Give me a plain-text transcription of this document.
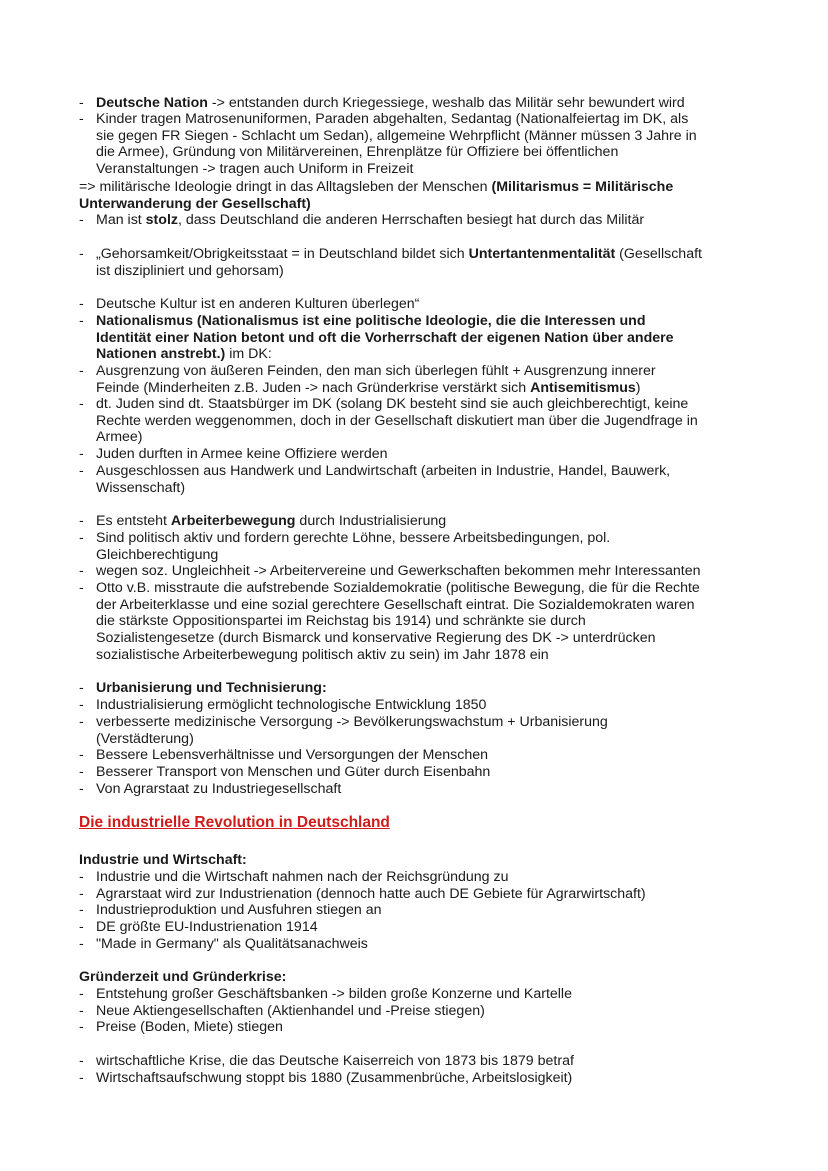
- Deutsche Nation -> entstanden durch Kriegessiege, weshalb das Militär sehr bewundert wird
- Kinder tragen Matrosenuniformen, Paraden abgehalten, Sedantag (Nationalfeiertag im DK, als
sie gegen FR Siegen - Schlacht um Sedan), allgemeine Wehrpflicht (Männer müssen 3 Jahre in
die Armee), Gründung von Militärvereinen, Ehrenplätze für Offiziere bei öffentlichen
Veranstaltungen -> tragen auch Uniform in Freizeit
=> militärische Ideologie dringt in das Alltagsleben der Menschen (Militarismus = Militärische
Unterwanderung der Gesellschaft)
- Man ist stolz, dass Deutschland die anderen Herrschaften besiegt hat durch das Militär
- „Gehorsamkeit/Obrigkeitsstaat = in Deutschland bildet sich Untertantenmentalität (Gesellschaft
ist diszipliniert und gehorsam)
- Deutsche Kultur ist en anderen Kulturen überlegen“
- Nationalismus (Nationalismus ist eine politische Ideologie, die die Interessen und
Identität einer Nation betont und oft die Vorherrschaft der eigenen Nation über andere
Nationen anstrebt.) im DK:
- Ausgrenzung von äußeren Feinden, den man sich überlegen fühlt + Ausgrenzung innerer
Feinde (Minderheiten z.B. Juden -> nach Gründerkrise verstärkt sich Antisemitismus)
- dt. Juden sind dt. Staatsbürger im DK (solang DK besteht sind sie auch gleichberechtigt, keine
Rechte werden weggenommen, doch in der Gesellschaft diskutiert man über die Jugendfrage in
Armee)
- Juden durften in Armee keine Offiziere werden
- Ausgeschlossen aus Handwerk und Landwirtschaft (arbeiten in Industrie, Handel, Bauwerk,
Wissenschaft)
- Es entsteht Arbeiterbewegung durch Industrialisierung
- Sind politisch aktiv und fordern gerechte Löhne, bessere Arbeitsbedingungen, pol.
Gleichberechtigung
- wegen soz. Ungleichheit -> Arbeitervereine und Gewerkschaften bekommen mehr Interessanten
- Otto v.B. misstraute die aufstrebende Sozialdemokratie (politische Bewegung, die für die Rechte
der Arbeiterklasse und eine sozial gerechtere Gesellschaft eintrat. Die Sozialdemokraten waren
die stärkste Oppositionspartei im Reichstag bis 1914) und schränkte sie durch
Sozialistengesetze (durch Bismarck und konservative Regierung des DK -> unterdrücken
sozialistische Arbeiterbewegung politisch aktiv zu sein) im Jahr 1878 ein
- Urbanisierung und Technisierung:
- Industrialisierung ermöglicht technologische Entwicklung 1850
- verbesserte medizinische Versorgung -> Bevölkerungswachstum + Urbanisierung
(Verstädterung)
- Bessere Lebensverhältnisse und Versorgungen der Menschen
- Besserer Transport von Menschen und Güter durch Eisenbahn
- Von Agrarstaat zu Industriegesellschaft
Die industrielle Revolution in Deutschland
Industrie und Wirtschaft:
- Industrie und die Wirtschaft nahmen nach der Reichsgründung zu
- Agrarstaat wird zur Industrienation (dennoch hatte auch DE Gebiete für Agrarwirtschaft)
- Industrieproduktion und Ausfuhren stiegen an
- DE größte EU-Industrienation 1914
- "Made in Germany" als Qualitätsanachweis
Gründerzeit und Gründerkrise:
- Entstehung großer Geschäftsbanken -> bilden große Konzerne und Kartelle
- Neue Aktiengesellschaften (Aktienhandel und -Preise stiegen)
- Preise (Boden, Miete) stiegen
- wirtschaftliche Krise, die das Deutsche Kaiserreich von 1873 bis 1879 betraf
- Wirtschaftsaufschwung stoppt bis 1880 (Zusammenbrüche, Arbeitslosigkeit)
